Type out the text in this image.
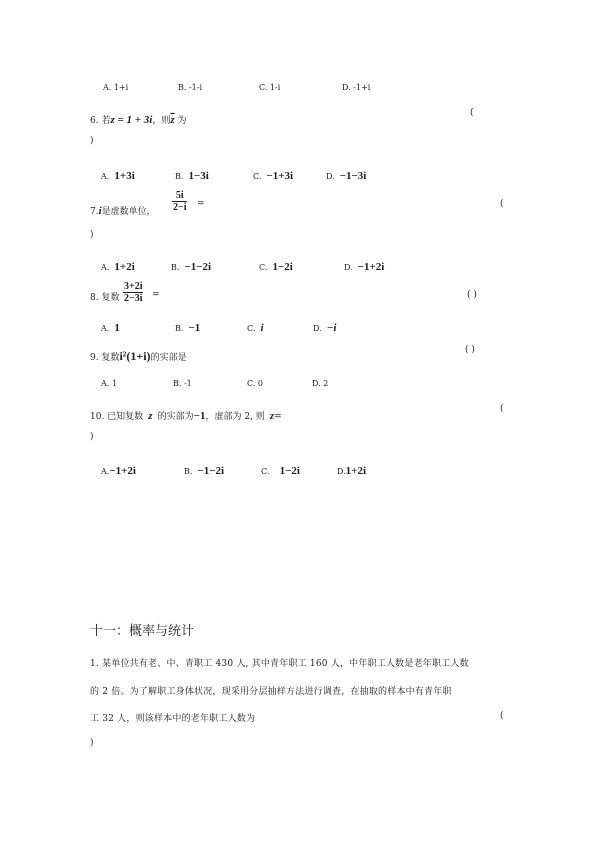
A. 1+i	B. -1-i	C. 1-i	D. -1+i
6. 若z = 1 + 3i，则$\overline{z}$ 为
(
)
A. 1+3i	B. 1−3i	C. −1+3i	D. −1−3i
7.i是虚数单位， $\frac{5i}{2-i}$ =	(
)
A. 1+2i	B. −1−2i	C. 1−2i	D. −1+2i
8. 复数 $\frac{3+2i}{2-3i}$ =	( )
A. 1	B. −1	C. i	D. −i
9. 复数i²(1+i)的实部是
( )
A. 1	B. -1	C. 0	D. 2
10. 已知复数 z 的实部为−1，虚部为 2, 则 z=
(
)
A.−1+2i	B. −1−2i	C. 1−2i	D.1+2i
十一：概率与统计
1. 某单位共有老、中、青职工 430 人, 其中青年职工 160 人，中年职工人数是老年职工人数
的 2 倍。为了解职工身体状况，现采用分层抽样方法进行调查，在抽取的样本中有青年职
工 32 人，则该样本中的老年职工人数为	(
)
